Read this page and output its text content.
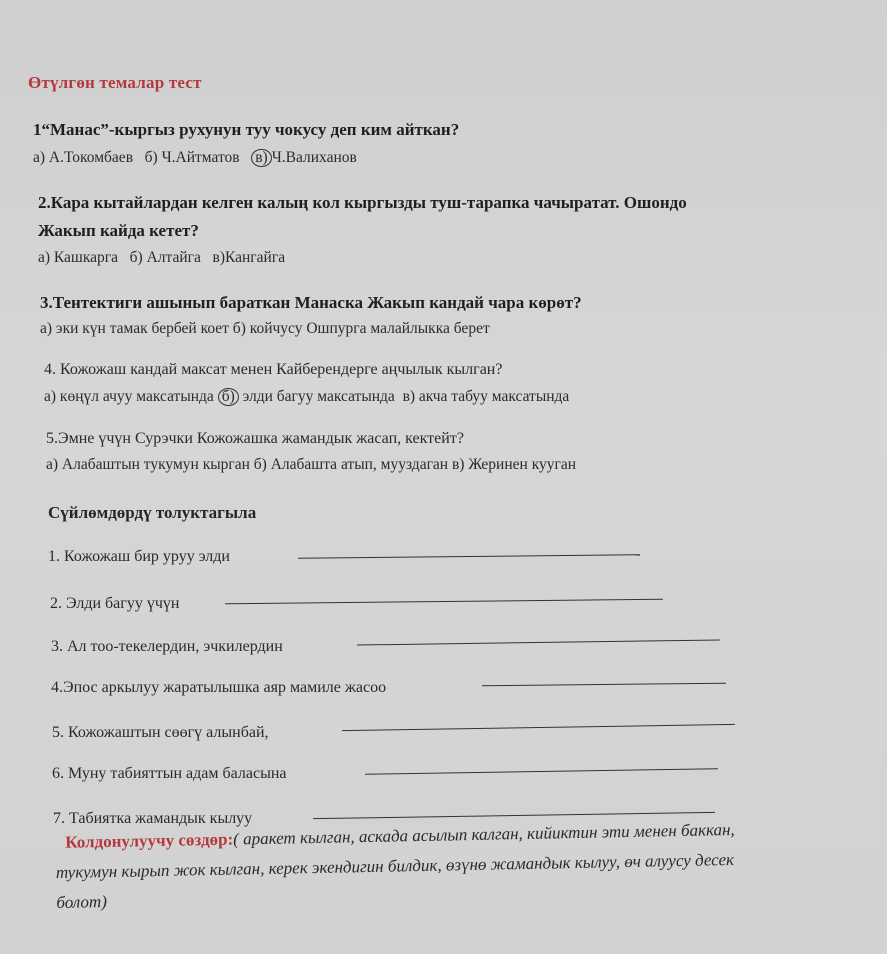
Өтүлгөн темалар тест
1“Манас”-кыргыз рухунун туу чокусу деп ким айткан?
а) А.Токомбаев б) Ч.Айтматов в) Ч.Валиханов
2.Кара кытайлардан келген калың кол кыргызды туш-тарапка чачыратат. Ошондо
Жакып кайда кетет?
а) Кашкарга б) Алтайга в)Кангайга
3.Тентектиги ашынып бараткан Манаска Жакып кандай чара көрөт?
а) эки күн тамак бербей коет б) койчусу Ошпурга малайлыкка берет
4. Кожожаш кандай максат менен Кайберендерге аңчылык кылган?
а) көңүл ачуу максатында б) элди багуу максатында в) акча табуу максатында
5.Эмне үчүн Сурэчки Кожожашка жамандык жасап, кектейт?
а) Алабаштын тукумун кырган б) Алабашта атып, мууздаган в) Жеринен кууган
Сүйлөмдөрдү толуктагыла
1. Кожожаш бир уруу элди
2. Элди багуу үчүн
3. Ал тоо-текелердин, эчкилердин
4.Эпос аркылуу жаратылышка аяр мамиле жасоо
5. Кожожаштын сөөгү алынбай,
6. Муну табияттын адам баласына
7. Табиятка жамандык кылуу
Колдонулуучу сөздөр:( аракет кылган, аскада асылып калган, кийиктин эти менен баккан,
тукумун кырып жок кылган, керек экендигин билдик, өзүнө жамандык кылуу, өч алуусу десек
болот)
